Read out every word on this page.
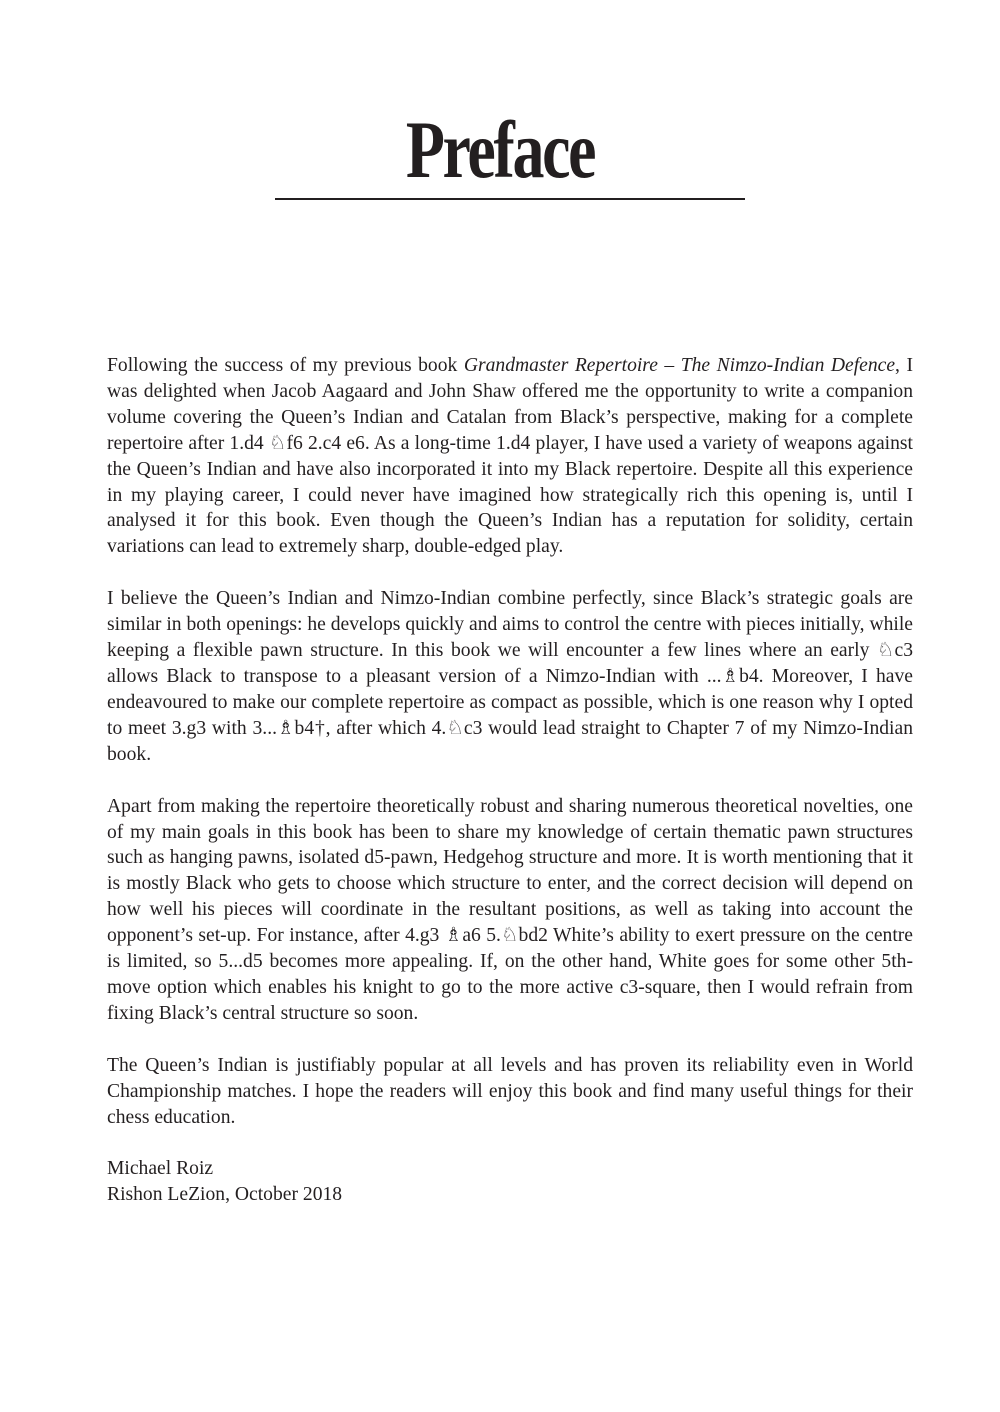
Preface

Following the success of my previous book Grandmaster Repertoire – The Nimzo-Indian Defence, I was delighted when Jacob Aagaard and John Shaw offered me the opportunity to write a companion volume covering the Queen’s Indian and Catalan from Black’s perspective, making for a complete repertoire after 1.d4 ♘f6 2.c4 e6. As a long-time 1.d4 player, I have used a variety of weapons against the Queen’s Indian and have also incorporated it into my Black repertoire. Despite all this experience in my playing career, I could never have imagined how strategically rich this opening is, until I analysed it for this book. Even though the Queen’s Indian has a reputation for solidity, certain variations can lead to extremely sharp, double-edged play.

I believe the Queen’s Indian and Nimzo-Indian combine perfectly, since Black’s strategic goals are similar in both openings: he develops quickly and aims to control the centre with pieces initially, while keeping a flexible pawn structure. In this book we will encounter a few lines where an early ♘c3 allows Black to transpose to a pleasant version of a Nimzo-Indian with ...♗b4. Moreover, I have endeavoured to make our complete repertoire as compact as possible, which is one reason why I opted to meet 3.g3 with 3...♗b4†, after which 4.♘c3 would lead straight to Chapter 7 of my Nimzo-Indian book.

Apart from making the repertoire theoretically robust and sharing numerous theoretical novelties, one of my main goals in this book has been to share my knowledge of certain thematic pawn structures such as hanging pawns, isolated d5-pawn, Hedgehog structure and more. It is worth mentioning that it is mostly Black who gets to choose which structure to enter, and the correct decision will depend on how well his pieces will coordinate in the resultant positions, as well as taking into account the opponent’s set-up. For instance, after 4.g3 ♗a6 5.♘bd2 White’s ability to exert pressure on the centre is limited, so 5...d5 becomes more appealing. If, on the other hand, White goes for some other 5th-move option which enables his knight to go to the more active c3-square, then I would refrain from fixing Black’s central structure so soon.

The Queen’s Indian is justifiably popular at all levels and has proven its reliability even in World Championship matches. I hope the readers will enjoy this book and find many useful things for their chess education.

Michael Roiz
Rishon LeZion, October 2018
